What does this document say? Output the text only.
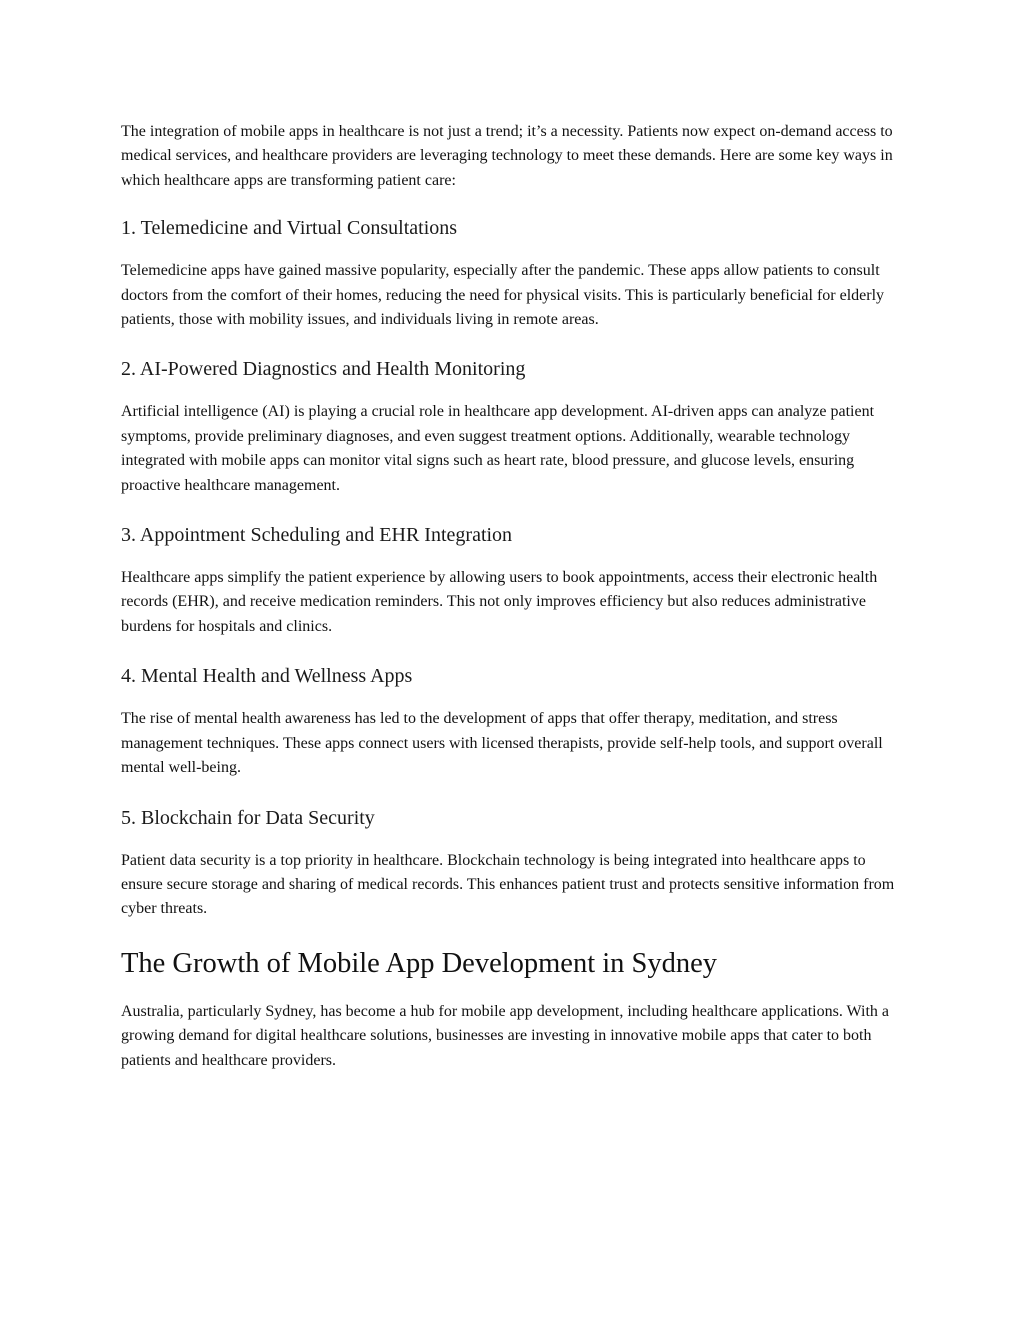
The integration of mobile apps in healthcare is not just a trend; it’s a necessity. Patients now expect on-demand access to medical services, and healthcare providers are leveraging technology to meet these demands. Here are some key ways in which healthcare apps are transforming patient care:

1. Telemedicine and Virtual Consultations

Telemedicine apps have gained massive popularity, especially after the pandemic. These apps allow patients to consult doctors from the comfort of their homes, reducing the need for physical visits. This is particularly beneficial for elderly patients, those with mobility issues, and individuals living in remote areas.

2. AI-Powered Diagnostics and Health Monitoring

Artificial intelligence (AI) is playing a crucial role in healthcare app development. AI-driven apps can analyze patient symptoms, provide preliminary diagnoses, and even suggest treatment options. Additionally, wearable technology integrated with mobile apps can monitor vital signs such as heart rate, blood pressure, and glucose levels, ensuring proactive healthcare management.

3. Appointment Scheduling and EHR Integration

Healthcare apps simplify the patient experience by allowing users to book appointments, access their electronic health records (EHR), and receive medication reminders. This not only improves efficiency but also reduces administrative burdens for hospitals and clinics.

4. Mental Health and Wellness Apps

The rise of mental health awareness has led to the development of apps that offer therapy, meditation, and stress management techniques. These apps connect users with licensed therapists, provide self-help tools, and support overall mental well-being.

5. Blockchain for Data Security

Patient data security is a top priority in healthcare. Blockchain technology is being integrated into healthcare apps to ensure secure storage and sharing of medical records. This enhances patient trust and protects sensitive information from cyber threats.

The Growth of Mobile App Development in Sydney

Australia, particularly Sydney, has become a hub for mobile app development, including healthcare applications. With a growing demand for digital healthcare solutions, businesses are investing in innovative mobile apps that cater to both patients and healthcare providers.
